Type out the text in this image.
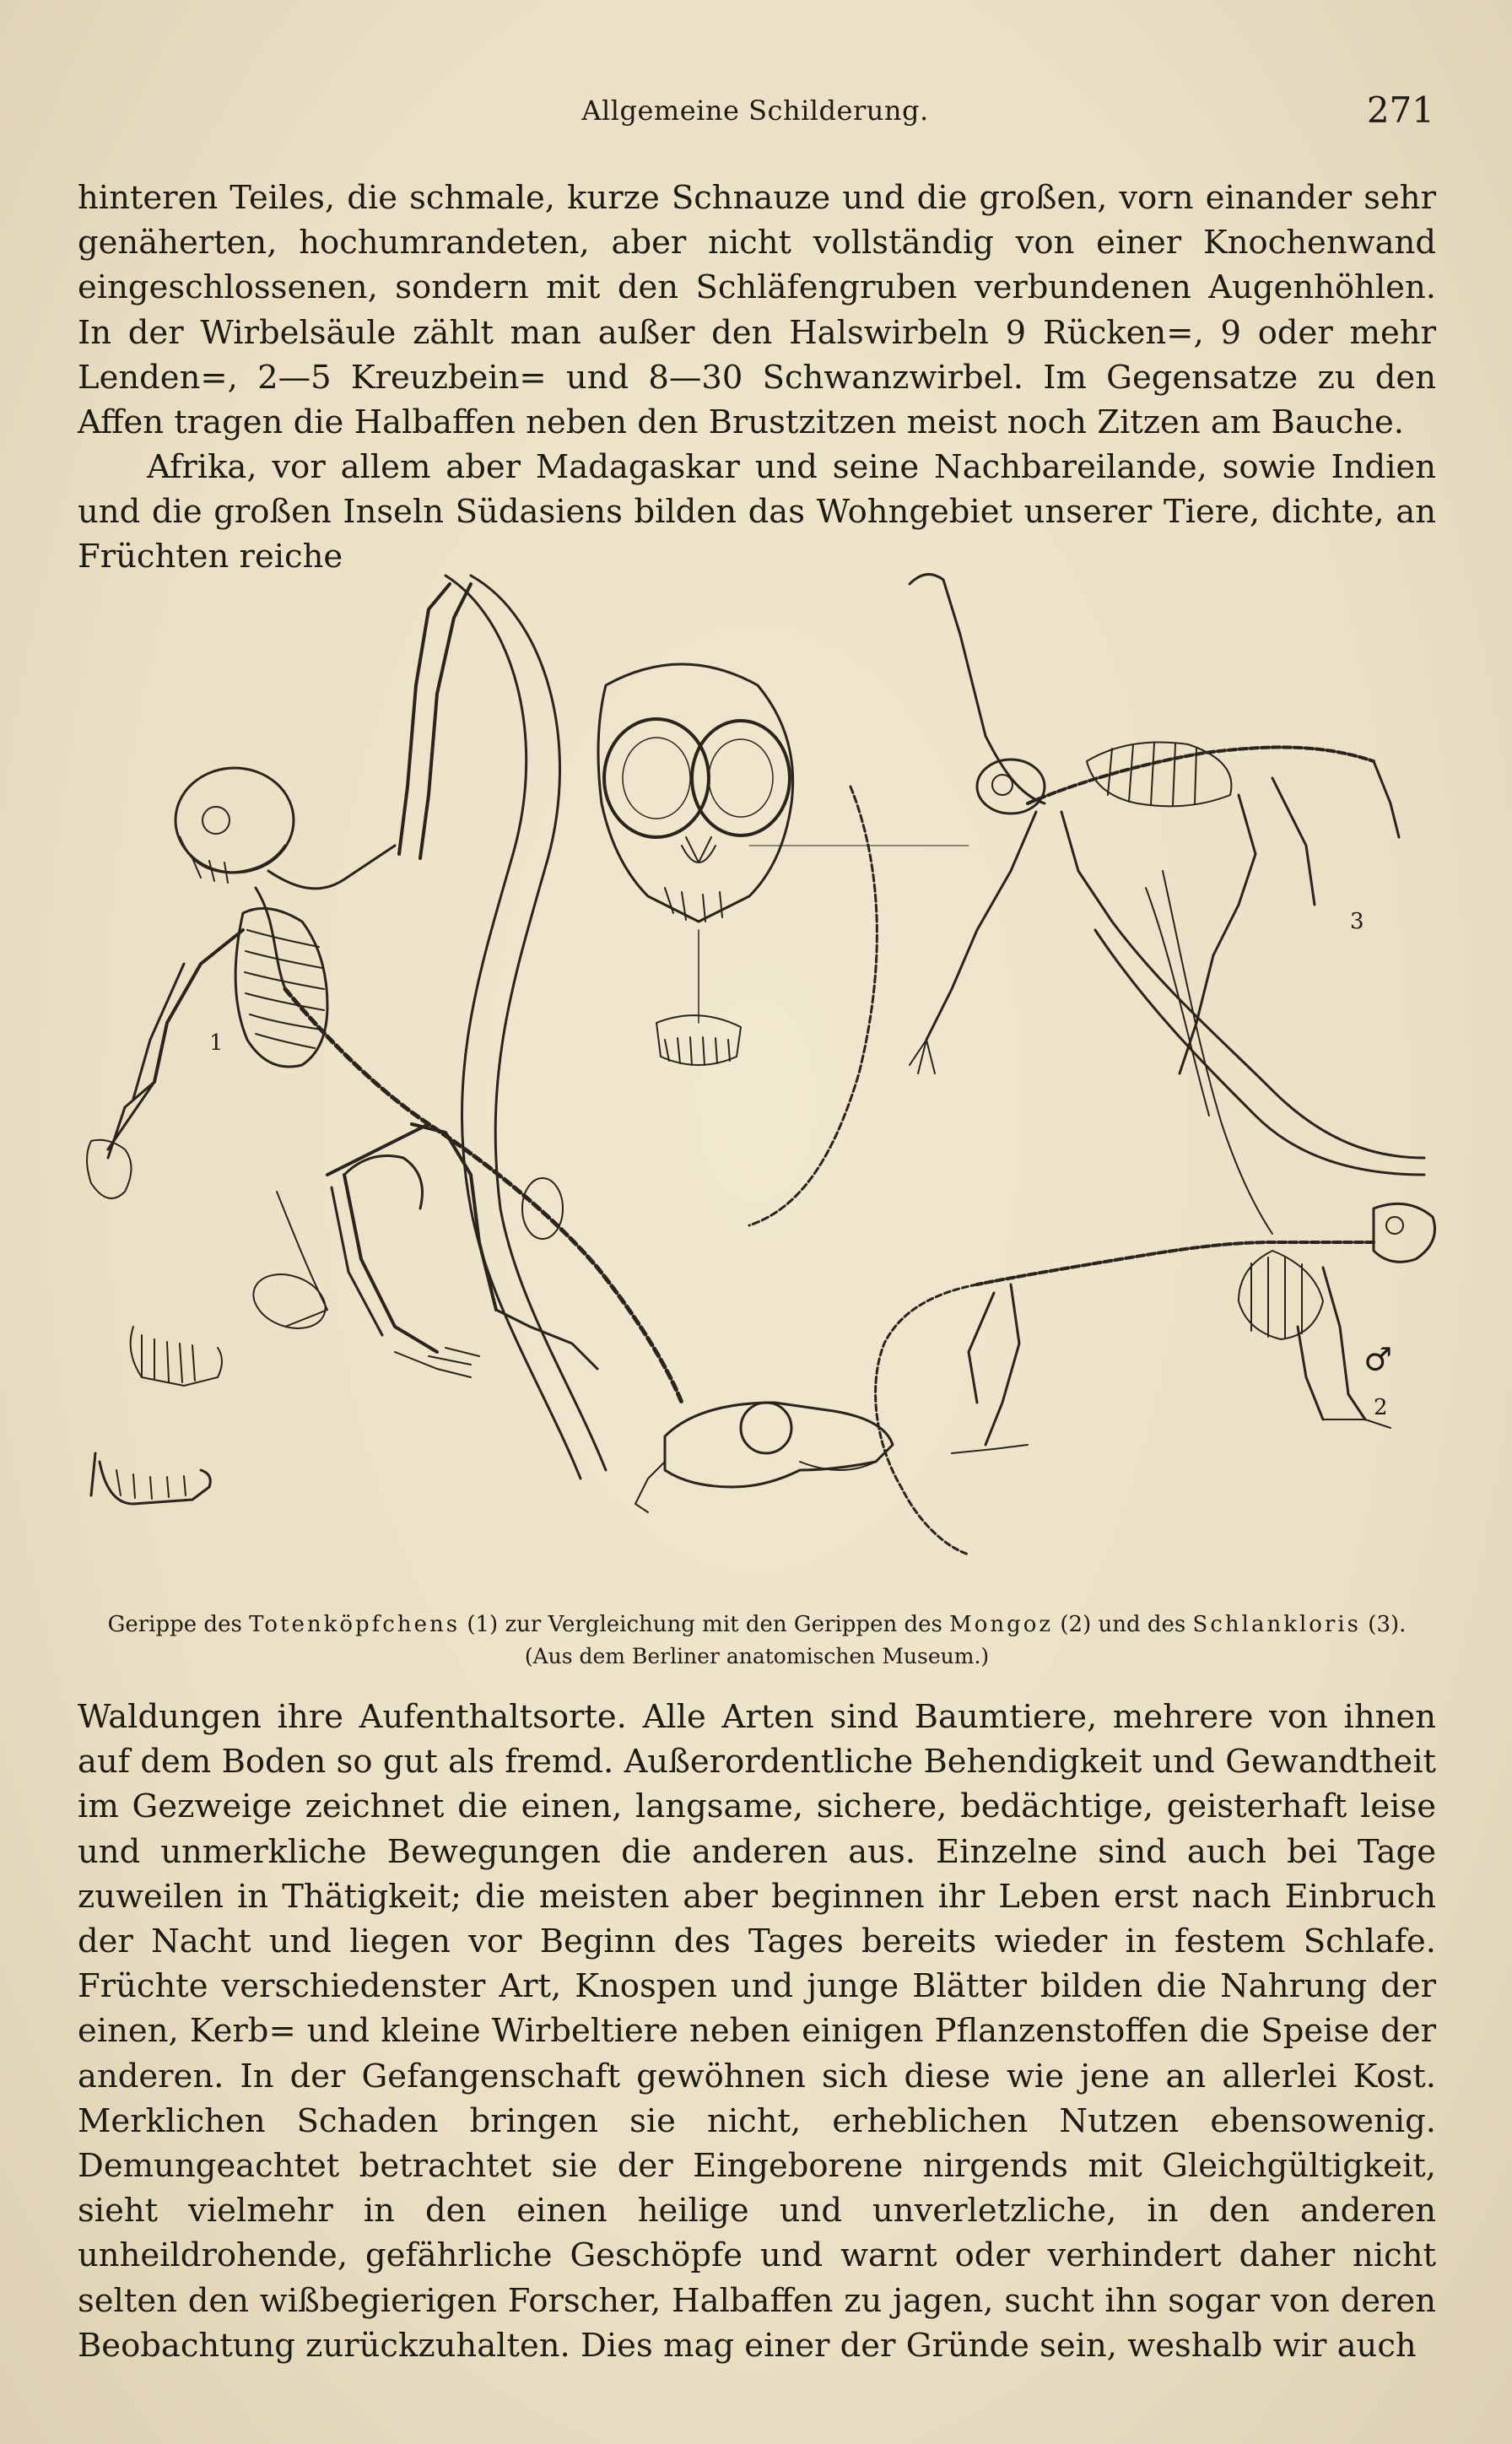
Allgemeine Schilderung.	271

hinteren Teiles, die schmale, kurze Schnauze und die großen, vorn einander sehr genäherten, hochumrandeten, aber nicht vollständig von einer Knochenwand eingeschlossenen, sondern mit den Schläfengruben verbundenen Augenhöhlen. In der Wirbelsäule zählt man außer den Halswirbeln 9 Rücken=, 9 oder mehr Lenden=, 2—5 Kreuzbein= und 8—30 Schwanzwirbel. Im Gegensatze zu den Affen tragen die Halbaffen neben den Brustzitzen meist noch Zitzen am Bauche.

Afrika, vor allem aber Madagaskar und seine Nachbareilande, sowie Indien und die großen Inseln Südasiens bilden das Wohngebiet unserer Tiere, dichte, an Früchten reiche

1
2
3
♂

Gerippe des Totenköpfchens (1) zur Vergleichung mit den Gerippen des Mongoz (2) und des Schlankloris (3).
(Aus dem Berliner anatomischen Museum.)

Waldungen ihre Aufenthaltsorte. Alle Arten sind Baumtiere, mehrere von ihnen auf dem Boden so gut als fremd. Außerordentliche Behendigkeit und Gewandtheit im Gezweige zeichnet die einen, langsame, sichere, bedächtige, geisterhaft leise und unmerkliche Bewegungen die anderen aus. Einzelne sind auch bei Tage zuweilen in Thätigkeit; die meisten aber beginnen ihr Leben erst nach Einbruch der Nacht und liegen vor Beginn des Tages bereits wieder in festem Schlafe. Früchte verschiedenster Art, Knospen und junge Blätter bilden die Nahrung der einen, Kerb= und kleine Wirbeltiere neben einigen Pflanzenstoffen die Speise der anderen. In der Gefangenschaft gewöhnen sich diese wie jene an allerlei Kost. Merklichen Schaden bringen sie nicht, erheblichen Nutzen ebensowenig. Demungeachtet betrachtet sie der Eingeborene nirgends mit Gleichgültigkeit, sieht vielmehr in den einen heilige und unverletzliche, in den anderen unheildrohende, gefährliche Geschöpfe und warnt oder verhindert daher nicht selten den wißbegierigen Forscher, Halbaffen zu jagen, sucht ihn sogar von deren Beobachtung zurückzuhalten. Dies mag einer der Gründe sein, weshalb wir auch
